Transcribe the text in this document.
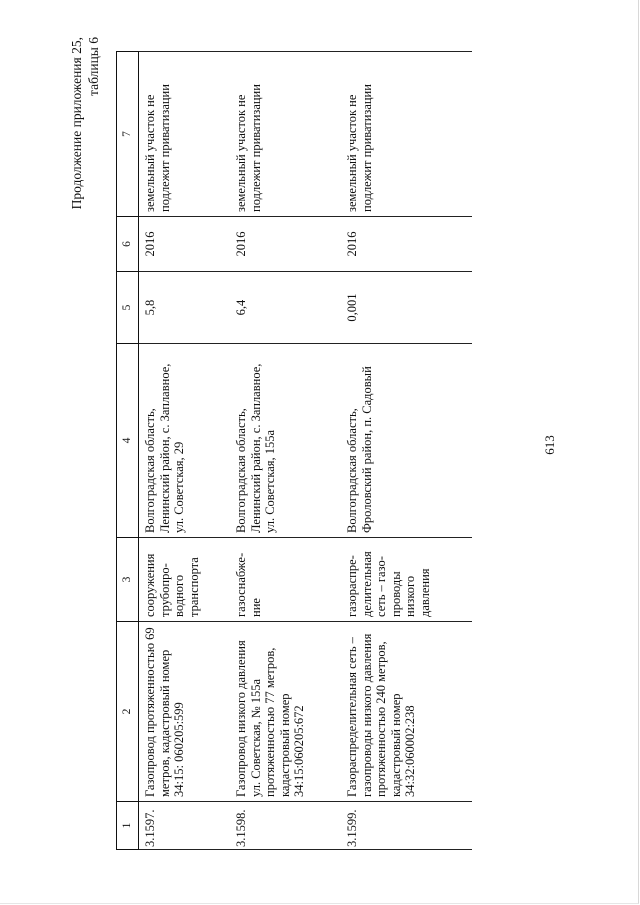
613
Продолжение приложения 25, таблицы 6
1	2	3	4	5	6	7
3.1597.	Газопровод протяженностью 69 метров, кадастровый номер 34:15: 060205:599	сооружения трубопро-водного транспорта	Волгоградская область, Ленинский район, с. Заплавное, ул. Советская, 29	5,8	2016	земельный участок не подлежит приватизации
3.1598.	Газопровод низкого давления ул. Советская, № 155а протяженностью 77 метров, кадастровый номер 34:15:060205:672	газоснабже-ние	Волгоградская область, Ленинский район, с. Заплавное, ул. Советская, 155а	6,4	2016	земельный участок не подлежит приватизации
3.1599.	Газораспределительная сеть – газопроводы низкого давления протяженностью 240 метров, кадастровый номер 34:32:060002:238	газораспре-делительная сеть – газо-проводы низкого давления	Волгоградская область, Фроловский район, п. Садовый	0,001	2016	земельный участок не подлежит приватизации
